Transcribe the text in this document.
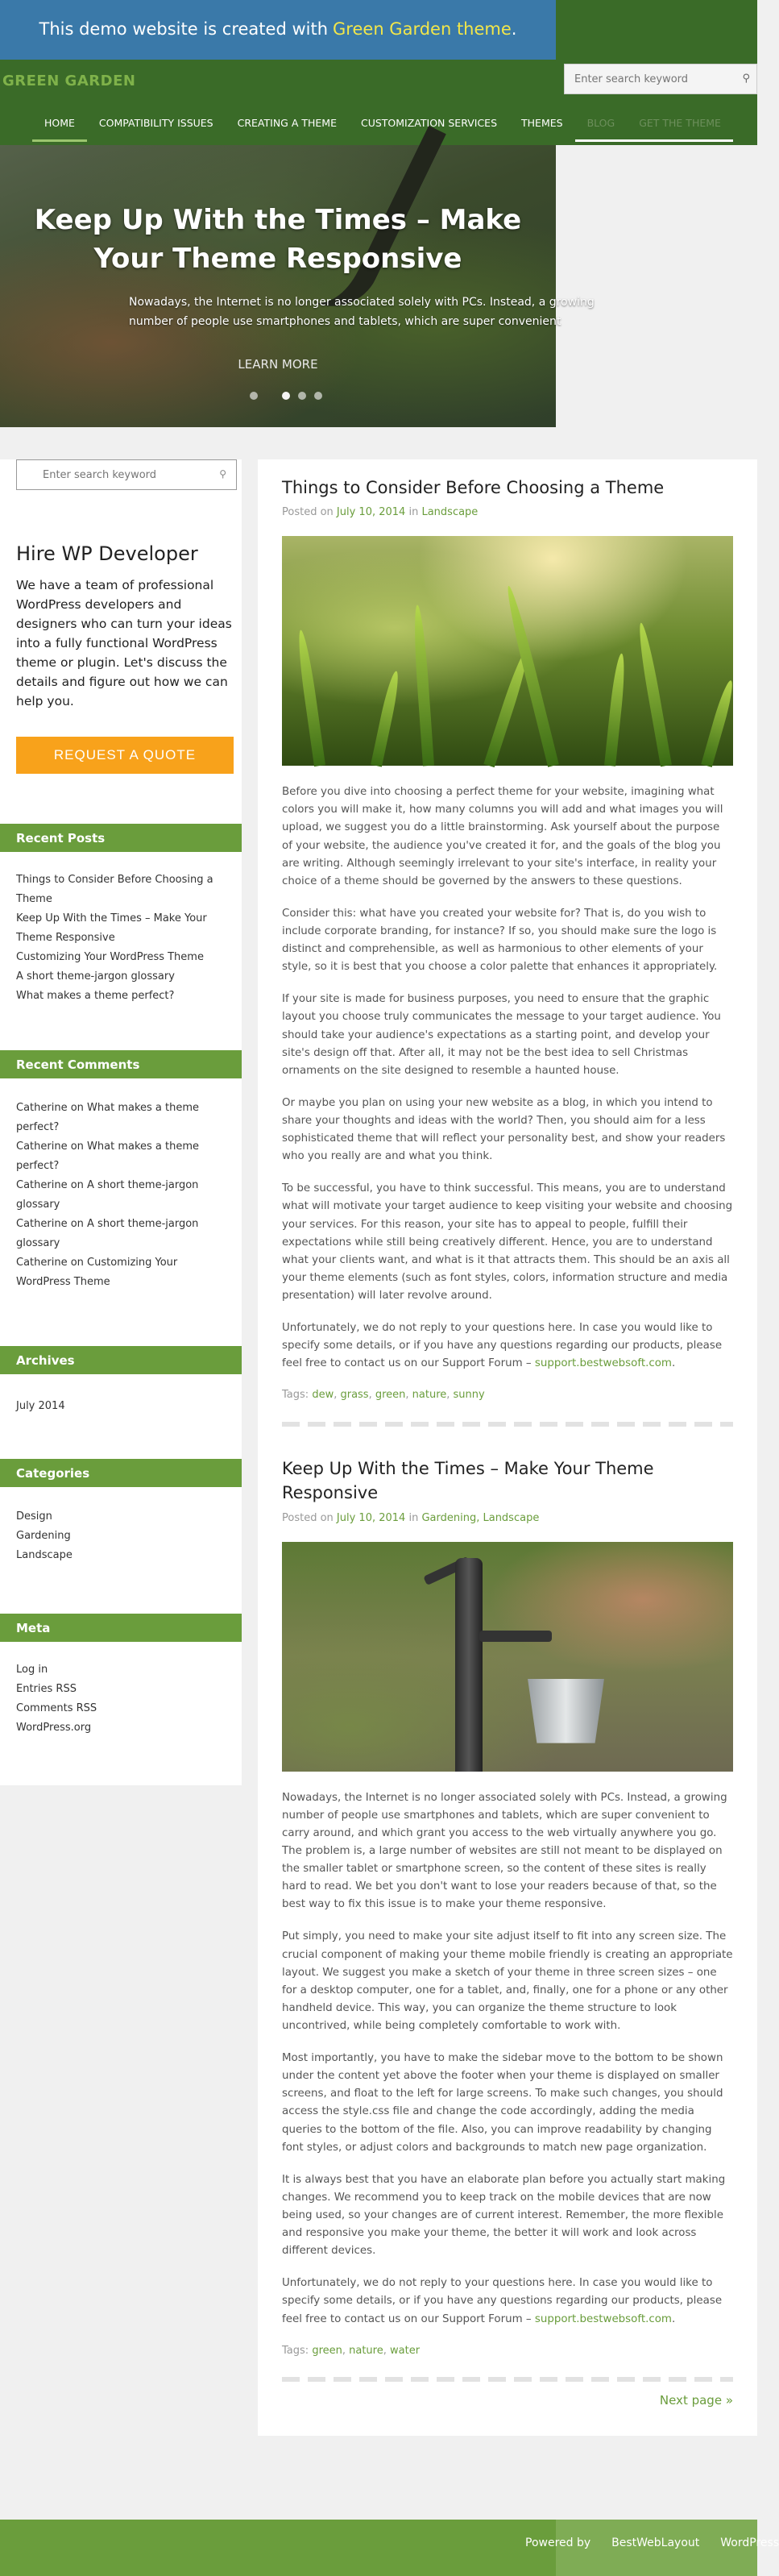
This demo website is created with Green Garden theme .
GREEN GARDEN
Enter search keyword	⚲
HOME	COMPATIBILITY ISSUES	CREATING A THEME	CUSTOMIZATION SERVICES	THEMES	BLOG	GET THE THEME
Keep Up With the Times – Make Your Theme Responsive
Nowadays, the Internet is no longer associated solely with PCs. Instead, a growing
number of people use smartphones and tablets, which are super convenient
LEARN MORE
Enter search keyword
⚲
Hire WP Developer

We have a team of professional WordPress developers and designers who can turn your ideas into a fully functional WordPress theme or plugin. Let's discuss the details and figure out how we can help you.

REQUEST A QUOTE
Recent Posts
Things to Consider Before Choosing a Theme
Keep Up With the Times – Make Your Theme Responsive
Customizing Your WordPress Theme
A short theme-jargon glossary
What makes a theme perfect?
Recent Comments
Catherine on What makes a theme perfect?
Catherine on What makes a theme perfect?
Catherine on A short theme-jargon glossary
Catherine on A short theme-jargon glossary
Catherine on Customizing Your WordPress Theme
Archives
July 2014
Categories
Design
Gardening
Landscape
Meta
Log in
Entries RSS
Comments RSS
WordPress.org
Things to Consider Before Choosing a Theme
Posted on July 10, 2014 in Landscape

Before you dive into choosing a perfect theme for your website, imagining what colors you will make it, how many columns you will add and what images you will upload, we suggest you do a little brainstorming. Ask yourself about the purpose of your website, the audience you've created it for, and the goals of the blog you are writing. Although seemingly irrelevant to your site's interface, in reality your choice of a theme should be governed by the answers to these questions.

Consider this: what have you created your website for? That is, do you wish to include corporate branding, for instance? If so, you should make sure the logo is distinct and comprehensible, as well as harmonious to other elements of your style, so it is best that you choose a color palette that enhances it appropriately.

If your site is made for business purposes, you need to ensure that the graphic layout you choose truly communicates the message to your target audience. You should take your audience's expectations as a starting point, and develop your site's design off that. After all, it may not be the best idea to sell Christmas ornaments on the site designed to resemble a haunted house.

Or maybe you plan on using your new website as a blog, in which you intend to share your thoughts and ideas with the world? Then, you should aim for a less sophisticated theme that will reflect your personality best, and show your readers who you really are and what you think.

To be successful, you have to think successful. This means, you are to understand what will motivate your target audience to keep visiting your website and choosing your services. For this reason, your site has to appeal to people, fulfill their expectations while still being creatively different. Hence, you are to understand what your clients want, and what is it that attracts them. This should be an axis all your theme elements (such as font styles, colors, information structure and media presentation) will later revolve around.

Unfortunately, we do not reply to your questions here. In case you would like to specify some details, or if you have any questions regarding our products, please feel free to contact us on our Support Forum – support.bestwebsoft.com.

Tags: dew, grass, green, nature, sunny
Keep Up With the Times – Make Your Theme Responsive
Posted on July 10, 2014 in Gardening, Landscape

Nowadays, the Internet is no longer associated solely with PCs. Instead, a growing number of people use smartphones and tablets, which are super convenient to carry around, and which grant you access to the web virtually anywhere you go. The problem is, a large number of websites are still not meant to be displayed on the smaller tablet or smartphone screen, so the content of these sites is really hard to read. We bet you don't want to lose your readers because of that, so the best way to fix this issue is to make your theme responsive.

Put simply, you need to make your site adjust itself to fit into any screen size. The crucial component of making your theme mobile friendly is creating an appropriate layout. We suggest you make a sketch of your theme in three screen sizes – one for a desktop computer, one for a tablet, and, finally, one for a phone or any other handheld device. This way, you can organize the theme structure to look uncontrived, while being completely comfortable to work with.

Most importantly, you have to make the sidebar move to the bottom to be shown under the content yet above the footer when your theme is displayed on smaller screens, and float to the left for large screens. To make such changes, you should access the style.css file and change the code accordingly, adding the media queries to the bottom of the file. Also, you can improve readability by changing font styles, or adjust colors and backgrounds to match new page organization.

It is always best that you have an elaborate plan before you actually start making changes. We recommend you to keep track on the mobile devices that are now being used, so your changes are of current interest. Remember, the more flexible and responsive you make your theme, the better it will work and look across different devices.

Unfortunately, we do not reply to your questions here. In case you would like to specify some details, or if you have any questions regarding our products, please feel free to contact us on our Support Forum – support.bestwebsoft.com.

Tags: green, nature, water
Next page »
Powered by BestWebLayout WordPress
